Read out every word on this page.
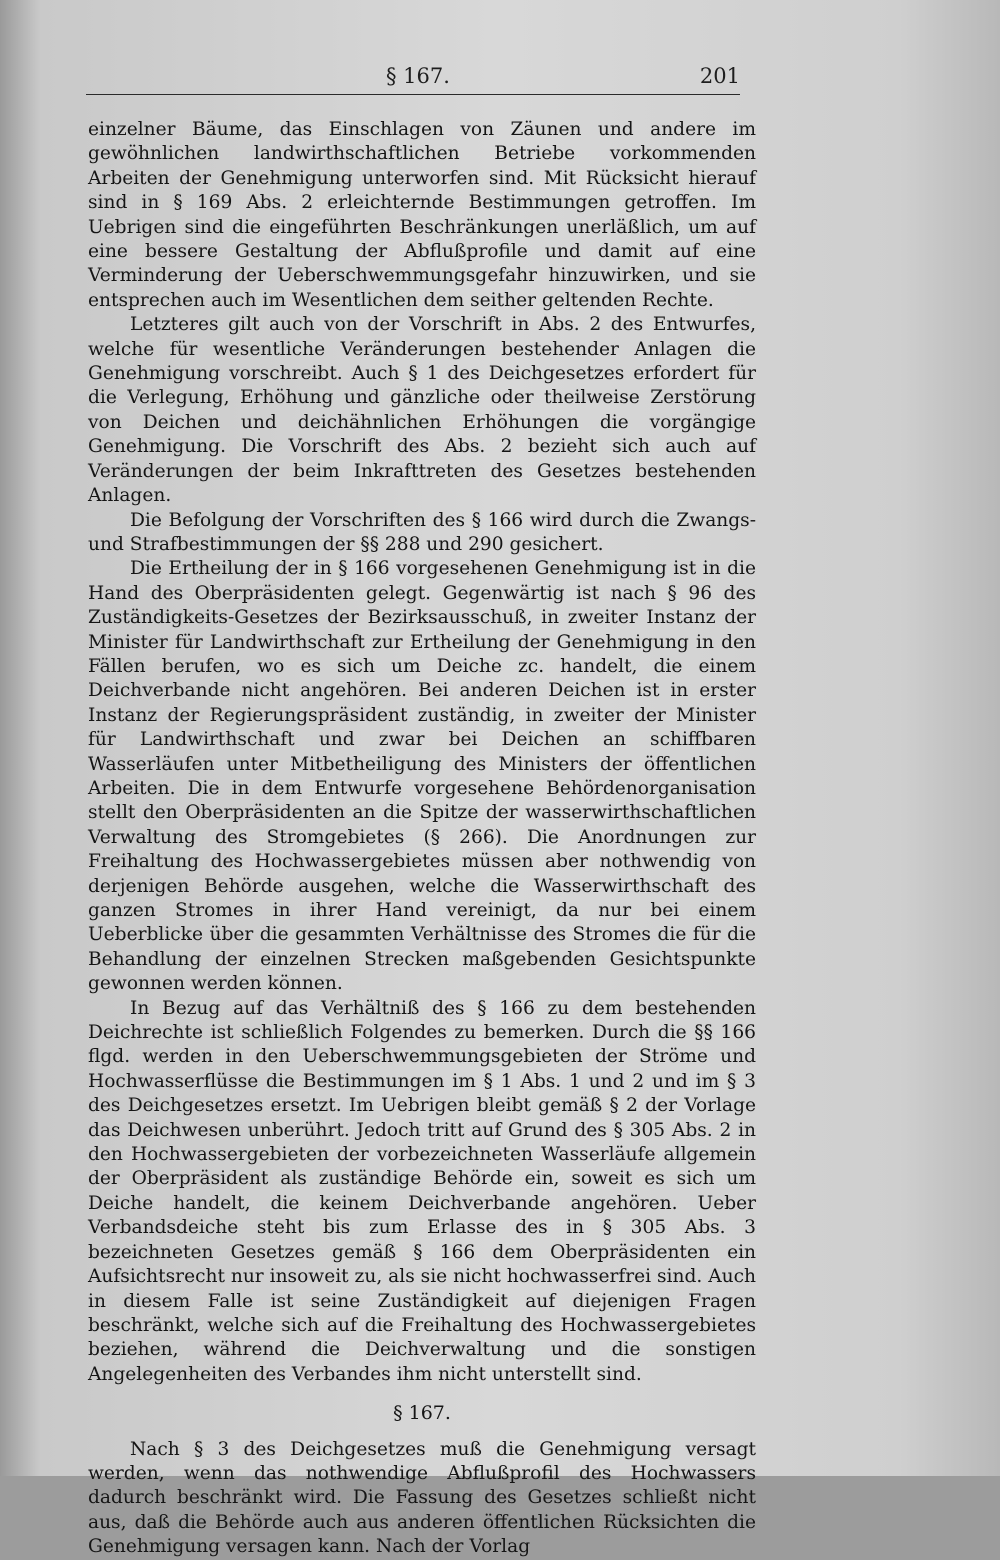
§ 167.	201

einzelner Bäume, das Einschlagen von Zäunen und andere im gewöhnlichen landwirthschaftlichen Betriebe vorkommenden Arbeiten der Genehmigung unterworfen sind. Mit Rücksicht hierauf sind in § 169 Abs. 2 erleichternde Bestimmungen getroffen. Im Uebrigen sind die eingeführten Beschränkungen unerläßlich, um auf eine bessere Gestaltung der Abflußprofile und damit auf eine Verminderung der Ueberschwemmungsgefahr hinzuwirken, und sie entsprechen auch im Wesentlichen dem seither geltenden Rechte.

Letzteres gilt auch von der Vorschrift in Abs. 2 des Entwurfes, welche für wesentliche Veränderungen bestehender Anlagen die Genehmigung vorschreibt. Auch § 1 des Deichgesetzes erfordert für die Verlegung, Erhöhung und gänzliche oder theilweise Zerstörung von Deichen und deichähnlichen Erhöhungen die vorgängige Genehmigung. Die Vorschrift des Abs. 2 bezieht sich auch auf Veränderungen der beim Inkrafttreten des Gesetzes bestehenden Anlagen.

Die Befolgung der Vorschriften des § 166 wird durch die Zwangs- und Strafbestimmungen der §§ 288 und 290 gesichert.

Die Ertheilung der in § 166 vorgesehenen Genehmigung ist in die Hand des Oberpräsidenten gelegt. Gegenwärtig ist nach § 96 des Zuständigkeits-Gesetzes der Bezirksausschuß, in zweiter Instanz der Minister für Landwirthschaft zur Ertheilung der Genehmigung in den Fällen berufen, wo es sich um Deiche zc. handelt, die einem Deichverbande nicht angehören. Bei anderen Deichen ist in erster Instanz der Regierungspräsident zuständig, in zweiter der Minister für Landwirthschaft und zwar bei Deichen an schiffbaren Wasserläufen unter Mitbetheiligung des Ministers der öffentlichen Arbeiten. Die in dem Entwurfe vorgesehene Behördenorganisation stellt den Oberpräsidenten an die Spitze der wasserwirthschaftlichen Verwaltung des Stromgebietes (§ 266). Die Anordnungen zur Freihaltung des Hochwassergebietes müssen aber nothwendig von derjenigen Behörde ausgehen, welche die Wasserwirthschaft des ganzen Stromes in ihrer Hand vereinigt, da nur bei einem Ueberblicke über die gesammten Verhältnisse des Stromes die für die Behandlung der einzelnen Strecken maßgebenden Gesichtspunkte gewonnen werden können.

In Bezug auf das Verhältniß des § 166 zu dem bestehenden Deichrechte ist schließlich Folgendes zu bemerken. Durch die §§ 166 flgd. werden in den Ueberschwemmungsgebieten der Ströme und Hochwasserflüsse die Bestimmungen im § 1 Abs. 1 und 2 und im § 3 des Deichgesetzes ersetzt. Im Uebrigen bleibt gemäß § 2 der Vorlage das Deichwesen unberührt. Jedoch tritt auf Grund des § 305 Abs. 2 in den Hochwassergebieten der vorbezeichneten Wasserläufe allgemein der Oberpräsident als zuständige Behörde ein, soweit es sich um Deiche handelt, die keinem Deichverbande angehören. Ueber Verbandsdeiche steht bis zum Erlasse des in § 305 Abs. 3 bezeichneten Gesetzes gemäß § 166 dem Oberpräsidenten ein Aufsichtsrecht nur insoweit zu, als sie nicht hochwasserfrei sind. Auch in diesem Falle ist seine Zuständigkeit auf diejenigen Fragen beschränkt, welche sich auf die Freihaltung des Hochwassergebietes beziehen, während die Deichverwaltung und die sonstigen Angelegenheiten des Verbandes ihm nicht unterstellt sind.

§ 167.

Nach § 3 des Deichgesetzes muß die Genehmigung versagt werden, wenn das nothwendige Abflußprofil des Hochwassers dadurch beschränkt wird. Die Fassung des Gesetzes schließt nicht aus, daß die Behörde auch aus anderen öffentlichen Rücksichten die Genehmigung versagen kann. Nach der Vorlag
